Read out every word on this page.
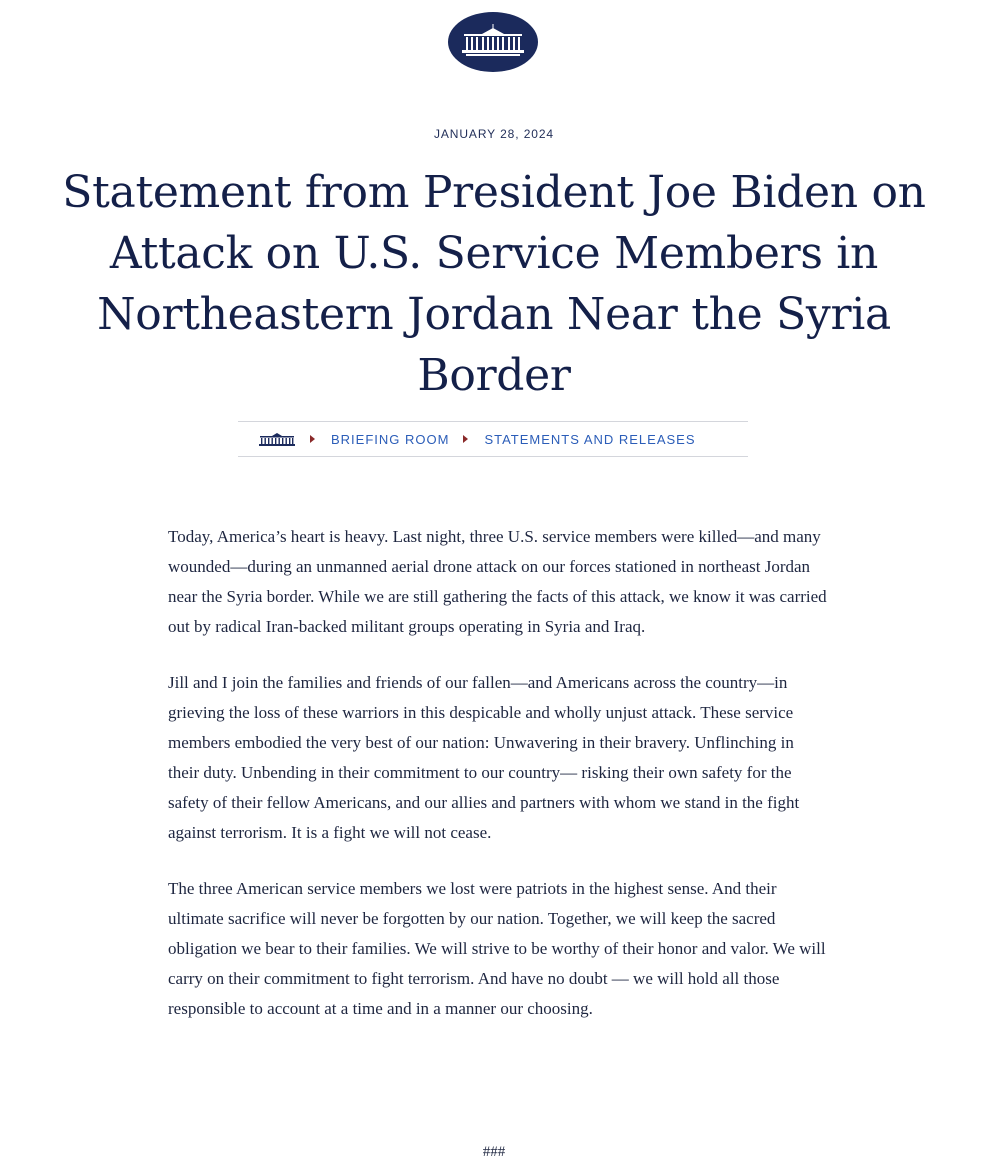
JANUARY 28, 2024
Statement from President Joe Biden on Attack on U.S. Service Members in Northeastern Jordan Near the Syria Border
BRIEFING ROOM	STATEMENTS AND RELEASES

Today, America’s heart is heavy. Last night, three U.S. service members were killed—and many wounded—during an unmanned aerial drone attack on our forces stationed in northeast Jordan near the Syria border. While we are still gathering the facts of this attack, we know it was carried out by radical Iran-backed militant groups operating in Syria and Iraq.

Jill and I join the families and friends of our fallen—and Americans across the country—in grieving the loss of these warriors in this despicable and wholly unjust attack. These service members embodied the very best of our nation: Unwavering in their bravery. Unflinching in their duty. Unbending in their commitment to our country— risking their own safety for the safety of their fellow Americans, and our allies and partners with whom we stand in the fight against terrorism. It is a fight we will not cease.

The three American service members we lost were patriots in the highest sense. And their ultimate sacrifice will never be forgotten by our nation. Together, we will keep the sacred obligation we bear to their families. We will strive to be worthy of their honor and valor. We will carry on their commitment to fight terrorism. And have no doubt — we will hold all those responsible to account at a time and in a manner our choosing.

###
